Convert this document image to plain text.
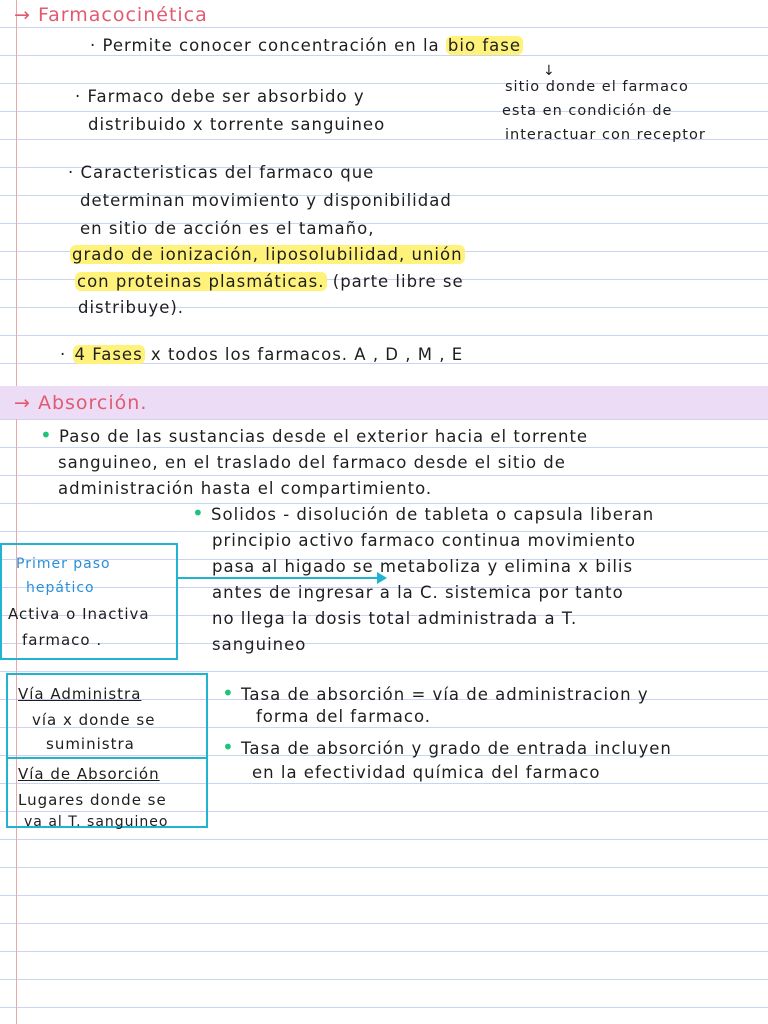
→ Farmacocinética
· Permite conocer concentración en la bio fase
↓
sitio donde el farmaco
esta en condición de
interactuar con receptor
· Farmaco debe ser absorbido y
distribuido x torrente sanguineo
· Caracteristicas del farmaco que
determinan movimiento y disponibilidad
en sitio de acción es el tamaño,
grado de ionización, liposolubilidad, unión
con proteinas plasmáticas. (parte libre se
distribuye).
· 4 Fases x todos los farmacos. A , D , M , E
→ Absorción.
• Paso de las sustancias desde el exterior hacia el torrente
sanguineo, en el traslado del farmaco desde el sitio de
administración hasta el compartimiento.
• Solidos - disolución de tableta o capsula liberan
principio activo farmaco continua movimiento
pasa al higado se metaboliza y elimina x bilis
antes de ingresar a la C. sistemica por tanto
no llega la dosis total administrada a T.
sanguineo
Primer paso
hepático
Activa o Inactiva
farmaco .
Vía Administra
vía x donde se
suministra
Vía de Absorción
Lugares donde se
va al T. sanguineo
• Tasa de absorción = vía de administracion y
forma del farmaco.
• Tasa de absorción y grado de entrada incluyen
en la efectividad química del farmaco
